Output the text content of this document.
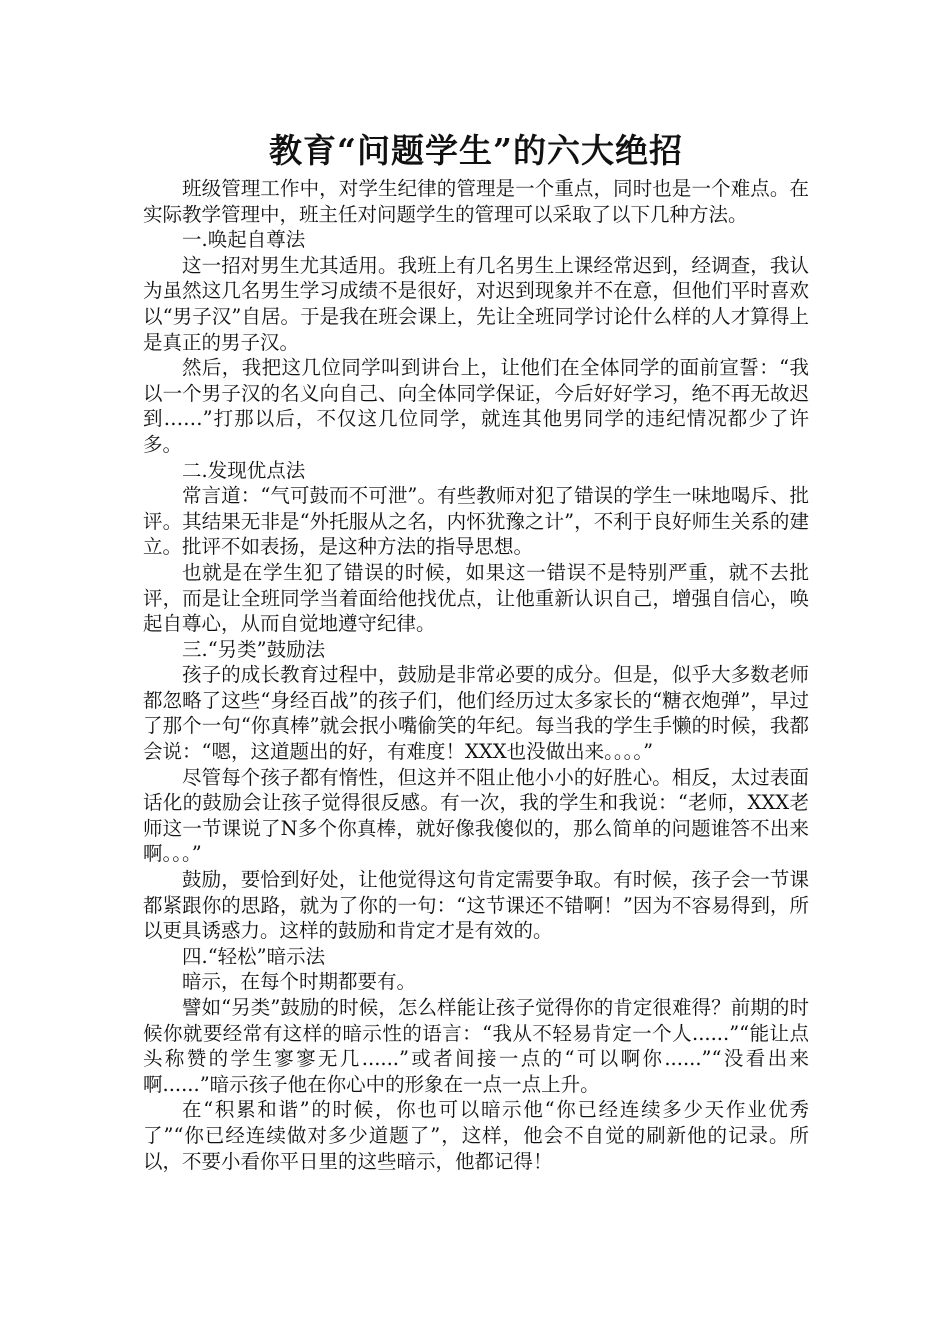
教育“问题学生”的六大绝招

班级管理工作中，对学生纪律的管理是一个重点，同时也是一个难点。在实际教学管理中，班主任对问题学生的管理可以采取了以下几种方法。

一.唤起自尊法

这一招对男生尤其适用。我班上有几名男生上课经常迟到，经调查，我认为虽然这几名男生学习成绩不是很好，对迟到现象并不在意，但他们平时喜欢以“男子汉”自居。于是我在班会课上，先让全班同学讨论什么样的人才算得上是真正的男子汉。

然后，我把这几位同学叫到讲台上，让他们在全体同学的面前宣誓：“我以一个男子汉的名义向自己、向全体同学保证，今后好好学习，绝不再无故迟到……”打那以后，不仅这几位同学，就连其他男同学的违纪情况都少了许多。

二.发现优点法

常言道：“气可鼓而不可泄”。有些教师对犯了错误的学生一味地喝斥、批评。其结果无非是“外托服从之名，内怀犹豫之计”，不利于良好师生关系的建立。批评不如表扬，是这种方法的指导思想。

也就是在学生犯了错误的时候，如果这一错误不是特别严重，就不去批评，而是让全班同学当着面给他找优点，让他重新认识自己，增强自信心，唤起自尊心，从而自觉地遵守纪律。

三.“另类”鼓励法

孩子的成长教育过程中，鼓励是非常必要的成分。但是，似乎大多数老师都忽略了这些“身经百战”的孩子们，他们经历过太多家长的“糖衣炮弹”，早过了那个一句“你真棒”就会抿小嘴偷笑的年纪。每当我的学生手懒的时候，我都会说：“嗯，这道题出的好，有难度！XXX也没做出来。。。。”

尽管每个孩子都有惰性，但这并不阻止他小小的好胜心。相反，太过表面话化的鼓励会让孩子觉得很反感。有一次，我的学生和我说：“老师，XXX老师这一节课说了N多个你真棒，就好像我傻似的，那么简单的问题谁答不出来啊。。。”

鼓励，要恰到好处，让他觉得这句肯定需要争取。有时候，孩子会一节课都紧跟你的思路，就为了你的一句：“这节课还不错啊！”因为不容易得到，所以更具诱惑力。这样的鼓励和肯定才是有效的。

四.“轻松”暗示法

暗示，在每个时期都要有。

譬如“另类”鼓励的时候，怎么样能让孩子觉得你的肯定很难得？前期的时候你就要经常有这样的暗示性的语言：“我从不轻易肯定一个人......”“能让点头称赞的学生寥寥无几......”或者间接一点的“可以啊你......”“没看出来啊......”暗示孩子他在你心中的形象在一点一点上升。

在“积累和谐”的时候，你也可以暗示他“你已经连续多少天作业优秀了”“你已经连续做对多少道题了”，这样，他会不自觉的刷新他的记录。所以，不要小看你平日里的这些暗示，他都记得！
